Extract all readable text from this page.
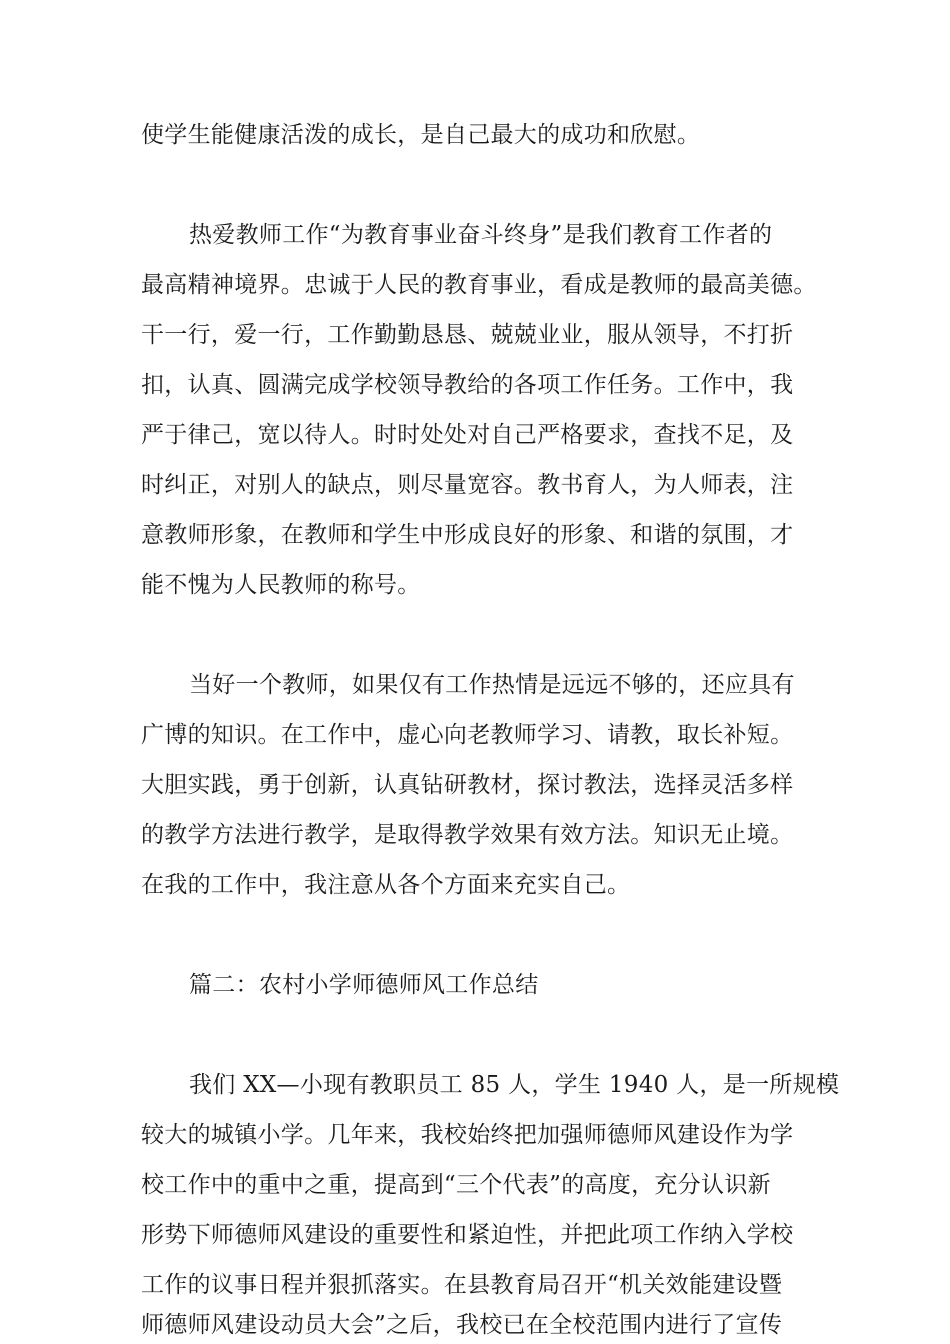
使学生能健康活泼的成长，是自己最大的成功和欣慰。
热爱教师工作“为教育事业奋斗终身”是我们教育工作者的
最高精神境界。忠诚于人民的教育事业，看成是教师的最高美德。
干一行，爱一行，工作勤勤恳恳、兢兢业业，服从领导，不打折
扣，认真、圆满完成学校领导教给的各项工作任务。工作中，我
严于律己，宽以待人。时时处处对自己严格要求，查找不足，及
时纠正，对别人的缺点，则尽量宽容。教书育人，为人师表，注
意教师形象，在教师和学生中形成良好的形象、和谐的氛围，才
能不愧为人民教师的称号。
当好一个教师，如果仅有工作热情是远远不够的，还应具有
广博的知识。在工作中，虚心向老教师学习、请教，取长补短。
大胆实践，勇于创新，认真钻研教材，探讨教法，选择灵活多样
的教学方法进行教学，是取得教学效果有效方法。知识无止境。
在我的工作中，我注意从各个方面来充实自己。
篇二：农村小学师德师风工作总结
我们 XX—小现有教职员工 85 人，学生 1940 人，是一所规模
较大的城镇小学。几年来，我校始终把加强师德师风建设作为学
校工作中的重中之重，提高到“三个代表”的高度，充分认识新
形势下师德师风建设的重要性和紧迫性，并把此项工作纳入学校
工作的议事日程并狠抓落实。在县教育局召开“机关效能建设暨
师德师风建设动员大会”之后，我校已在全校范围内进行了宣传
